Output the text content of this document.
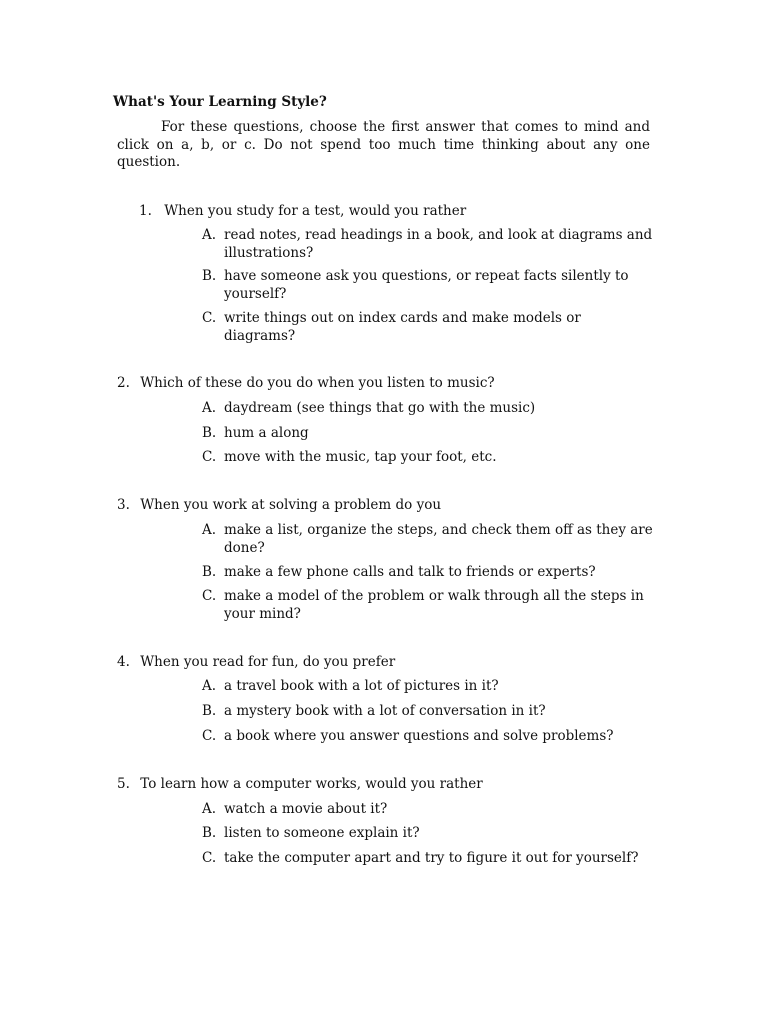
What's Your Learning Style?
For these questions, choose the first answer that comes to mind and click on a, b, or c. Do not spend too much time thinking about any one question.
1. When you study for a test, would you rather
A. read notes, read headings in a book, and look at diagrams and illustrations?
B. have someone ask you questions, or repeat facts silently to yourself?
C. write things out on index cards and make models or diagrams?
2. Which of these do you do when you listen to music?
A. daydream (see things that go with the music)
B. hum a along
C. move with the music, tap your foot, etc.
3. When you work at solving a problem do you
A. make a list, organize the steps, and check them off as they are done?
B. make a few phone calls and talk to friends or experts?
C. make a model of the problem or walk through all the steps in your mind?
4. When you read for fun, do you prefer
A. a travel book with a lot of pictures in it?
B. a mystery book with a lot of conversation in it?
C. a book where you answer questions and solve problems?
5. To learn how a computer works, would you rather
A. watch a movie about it?
B. listen to someone explain it?
C. take the computer apart and try to figure it out for yourself?
